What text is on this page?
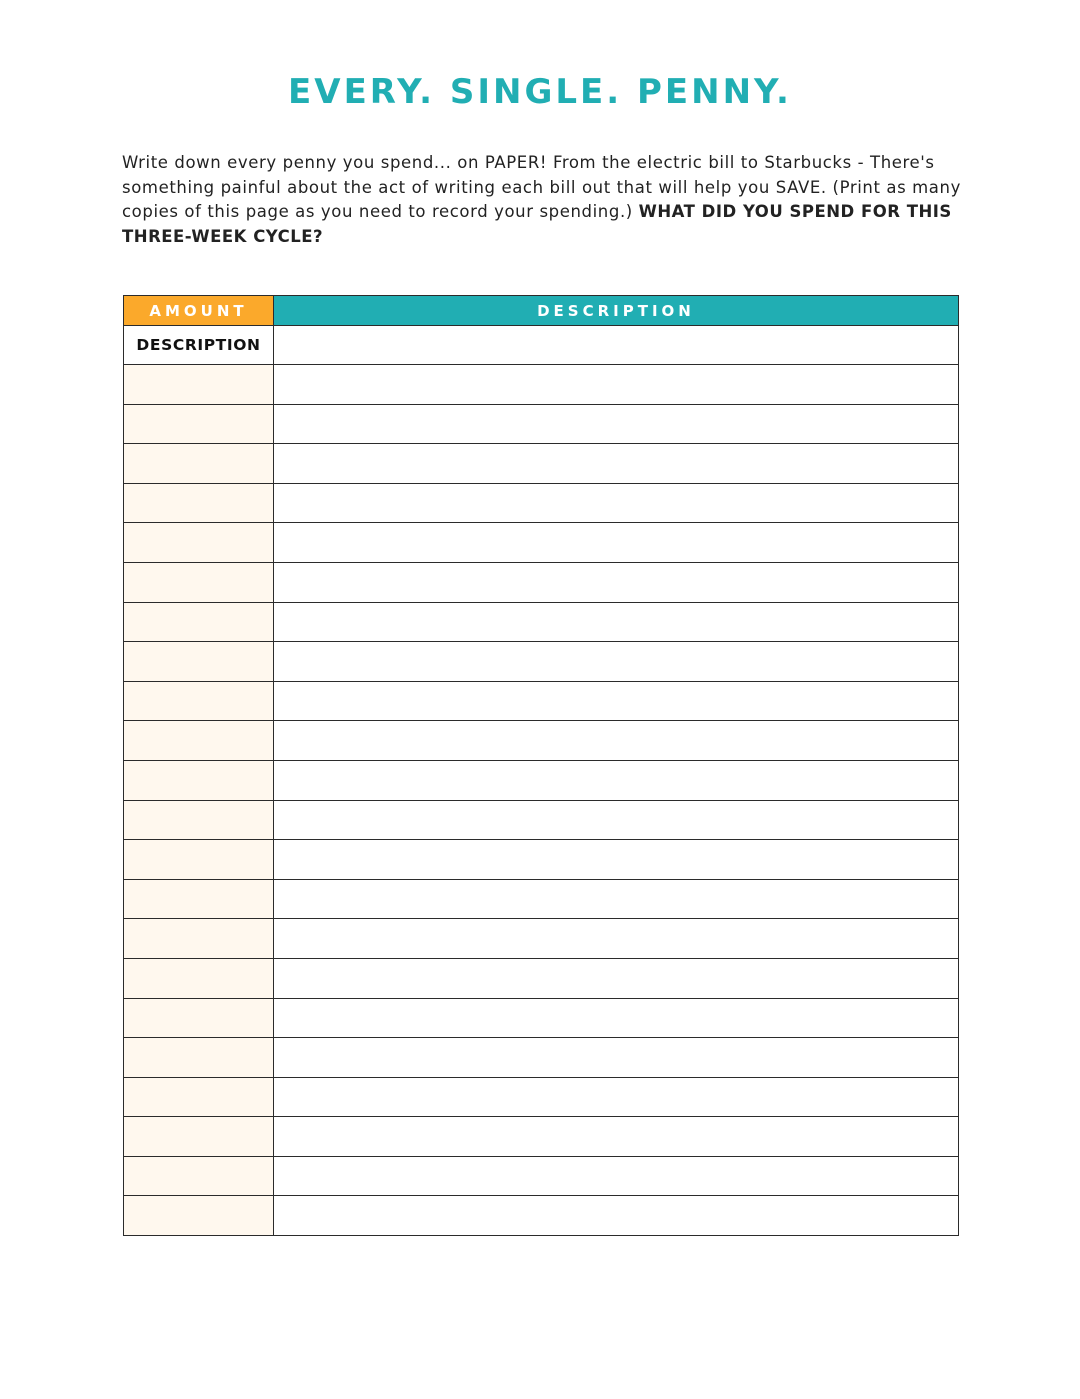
EVERY. SINGLE. PENNY.
Write down every penny you spend... on PAPER! From the electric bill to Starbucks - There's something painful about the act of writing each bill out that will help you SAVE. (Print as many copies of this page as you need to record your spending.) WHAT DID YOU SPEND FOR THIS THREE-WEEK CYCLE?
AMOUNT	DESCRIPTION
DESCRIPTION	
